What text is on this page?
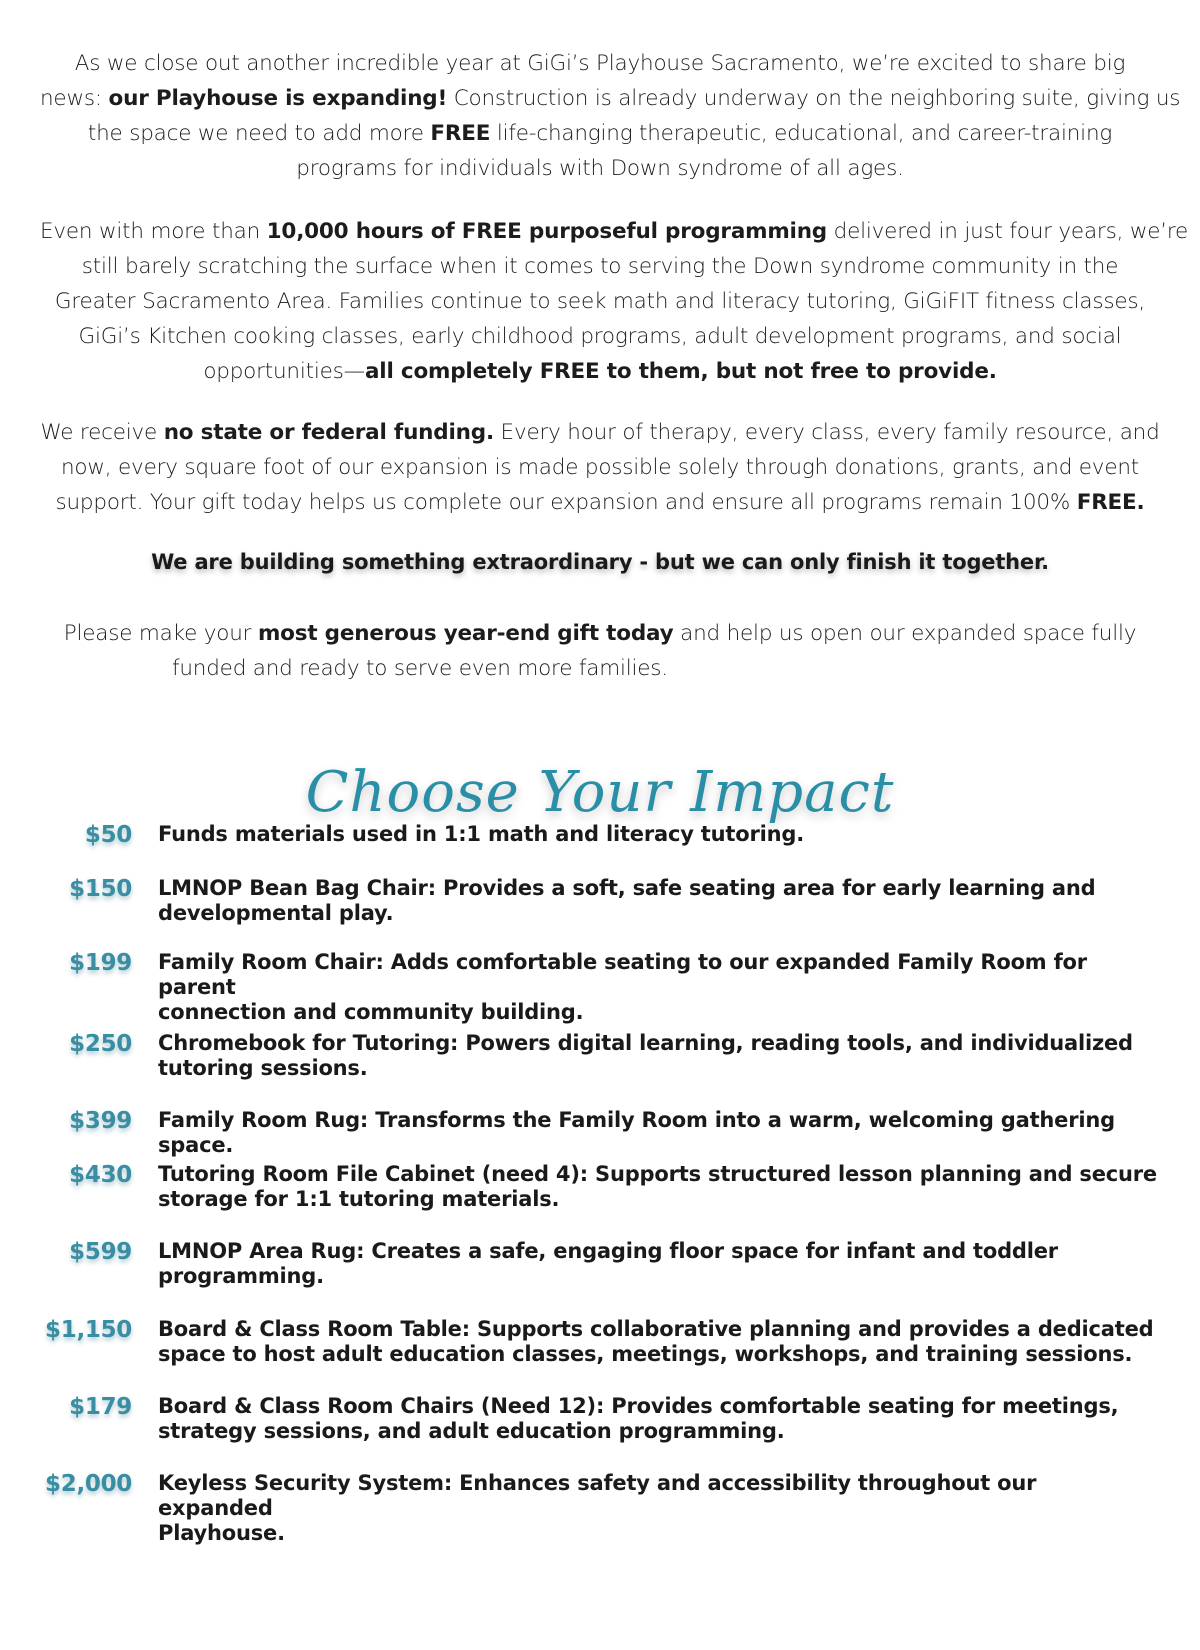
As we close out another incredible year at GiGi’s Playhouse Sacramento, we’re excited to share big
news: our Playhouse is expanding! Construction is already underway on the neighboring suite, giving us
the space we need to add more FREE life-changing therapeutic, educational, and career-training
programs for individuals with Down syndrome of all ages.
Even with more than 10,000 hours of FREE purposeful programming delivered in just four years, we’re
still barely scratching the surface when it comes to serving the Down syndrome community in the
Greater Sacramento Area. Families continue to seek math and literacy tutoring, GiGiFIT fitness classes,
GiGi’s Kitchen cooking classes, early childhood programs, adult development programs, and social
opportunities—all completely FREE to them, but not free to provide.
We receive no state or federal funding. Every hour of therapy, every class, every family resource, and
now, every square foot of our expansion is made possible solely through donations, grants, and event
support. Your gift today helps us complete our expansion and ensure all programs remain 100% FREE.
We are building something extraordinary - but we can only finish it together.
Please make your most generous year-end gift today and help us open our expanded space fully
funded and ready to serve even more families.
Choose Your Impact
$50 Funds materials used in 1:1 math and literacy tutoring.
$150 LMNOP Bean Bag Chair: Provides a soft, safe seating area for early learning and
developmental play.
$199 Family Room Chair: Adds comfortable seating to our expanded Family Room for parent
connection and community building.
$250 Chromebook for Tutoring: Powers digital learning, reading tools, and individualized
tutoring sessions.
$399 Family Room Rug: Transforms the Family Room into a warm, welcoming gathering space.
$430 Tutoring Room File Cabinet (need 4): Supports structured lesson planning and secure
storage for 1:1 tutoring materials.
$599 LMNOP Area Rug: Creates a safe, engaging floor space for infant and toddler
programming.
$1,150 Board & Class Room Table: Supports collaborative planning and provides a dedicated
space to host adult education classes, meetings, workshops, and training sessions.
$179 Board & Class Room Chairs (Need 12): Provides comfortable seating for meetings,
strategy sessions, and adult education programming.
$2,000 Keyless Security System: Enhances safety and accessibility throughout our expanded
Playhouse.
